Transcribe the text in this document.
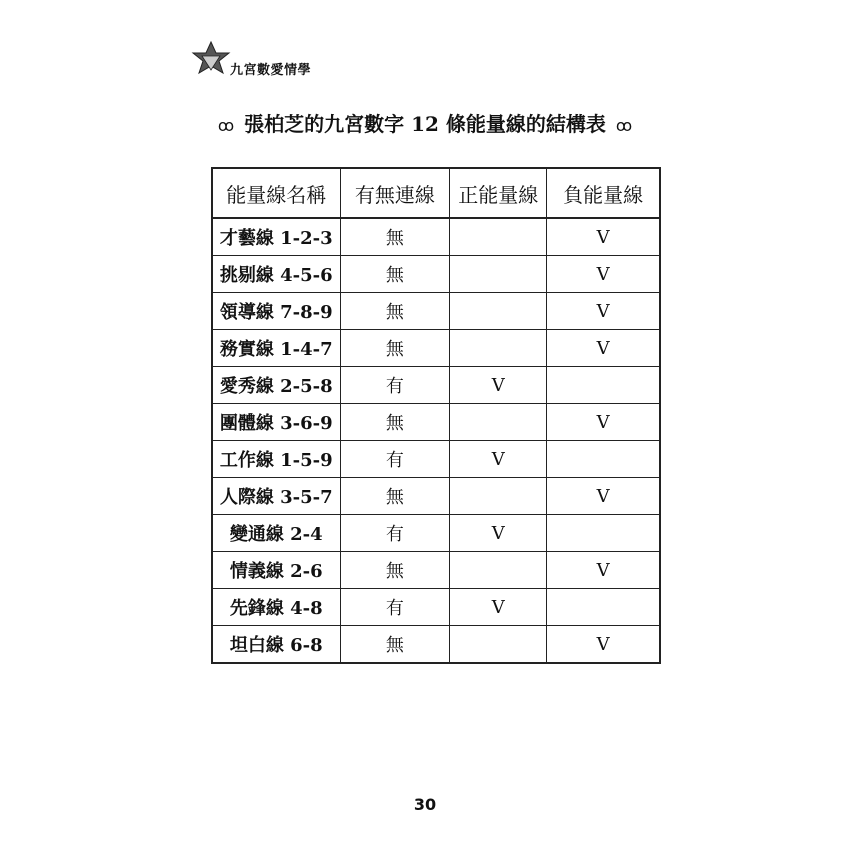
九宮數愛情學
ꝏ 張柏芝的九宮數字 12 條能量線的結構表 ꝏ
能量線名稱	有無連線	正能量線	負能量線
才藝線 1-2-3	無		V
挑剔線 4-5-6	無		V
領導線 7-8-9	無		V
務實線 1-4-7	無		V
愛秀線 2-5-8	有	V	
團體線 3-6-9	無		V
工作線 1-5-9	有	V	
人際線 3-5-7	無		V
變通線 2-4	有	V	
情義線 2-6	無		V
先鋒線 4-8	有	V	
坦白線 6-8	無		V
30
